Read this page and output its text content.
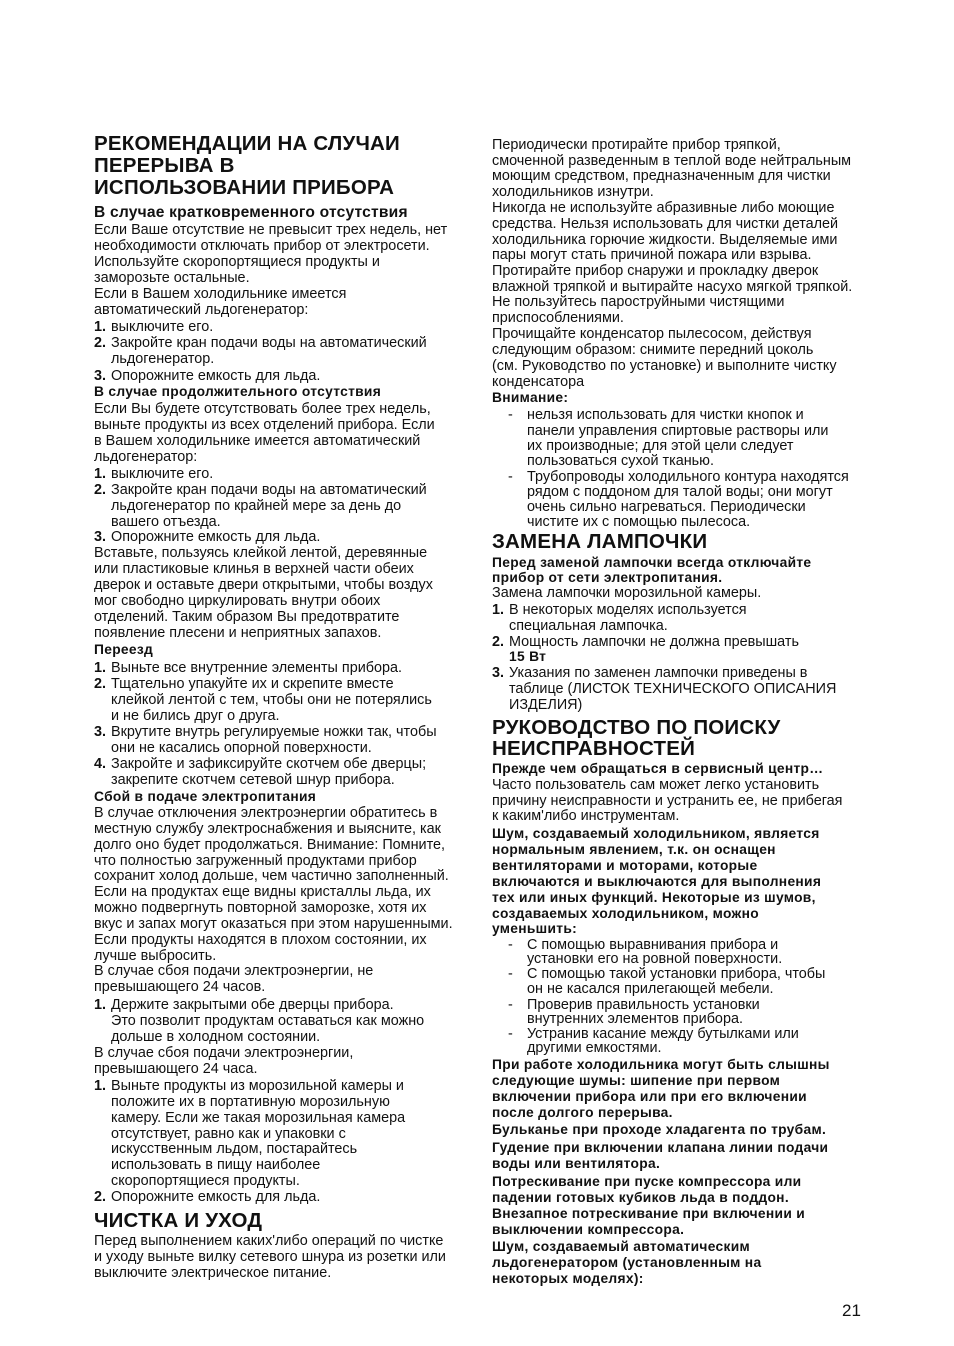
РЕКОМЕНДАЦИИ НА СЛУЧАИ
ПЕРЕРЫВА В
ИСПОЛЬЗОВАНИИ ПРИБОРА
В случае кратковременного отсутствия
Если Ваше отсутствие не превысит трех недель, нет
необходимости отключать прибор от электросети.
Используйте скоропортящиеся продукты и
заморозьте остальные.
Если в Вашем холодильнике имеется
автоматический льдогенератор:
1. выключите его.
2. Закройте кран подачи воды на автоматический
льдогенератор.
3. Опорожните емкость для льда.
В случае продолжительного отсутствия
Если Вы будете отсутствовать более трех недель,
выньте продукты из всех отделений прибора. Если
в Вашем холодильнике имеется автоматический
льдогенератор:
1. выключите его.
2. Закройте кран подачи воды на автоматический
льдогенератор по крайней мере за день до
вашего отъезда.
3. Опорожните емкость для льда.
Вставьте, пользуясь клейкой лентой, деревянные
или пластиковые клинья в верхней части обеих
дверок и оставьте двери открытыми, чтобы воздух
мог свободно циркулировать внутри обоих
отделений. Таким образом Вы предотвратите
появление плесени и неприятных запахов.
Переезд
1. Выньте все внутренние элементы прибора.
2. Тщательно упакуйте их и скрепите вместе
клейкой лентой с тем, чтобы они не потерялись
и не бились друг о друга.
3. Вкрутите внутрь регулируемые ножки так, чтобы
они не касались опорной поверхности.
4. Закройте и зафиксируйте скотчем обе дверцы;
закрепите скотчем сетевой шнур прибора.
Сбой в подаче электропитания
В случае отключения электроэнергии обратитесь в
местную службу электроснабжения и выясните, как
долго оно будет продолжаться. Внимание: Помните,
что полностью загруженный продуктами прибор
сохранит холод дольше, чем частично заполненный.
Если на продуктах еще видны кристаллы льда, их
можно подвергнуть повторной заморозке, хотя их
вкус и запах могут оказаться при этом нарушенными.
Если продукты находятся в плохом состоянии, их
лучше выбросить.
В случае сбоя подачи электроэнергии, не
превышающего 24 часов.
1. Держите закрытыми обе дверцы прибора.
Это позволит продуктам оставаться как можно
дольше в холодном состоянии.
В случае сбоя подачи электроэнергии,
превышающего 24 часа.
1. Выньте продукты из морозильной камеры и
положите их в портативную морозильную
камеру. Если же такая морозильная камера
отсутствует, равно как и упаковки с
искусственным льдом, постарайтесь
использовать в пищу наиболее
скоропортящиеся продукты.
2. Опорожните емкость для льда.
ЧИСТКА И УХОД
Перед выполнением каких'либо операций по чистке
и уходу выньте вилку сетевого шнура из розетки или
выключите электрическое питание.
Периодически протирайте прибор тряпкой,
смоченной разведенным в теплой воде нейтральным
моющим средством, предназначенным для чистки
холодильников изнутри.
Никогда не используйте абразивные либо моющие
средства. Нельзя использовать для чистки деталей
холодильника горючие жидкости. Выделяемые ими
пары могут стать причиной пожара или взрыва.
Протирайте прибор снаружи и прокладку дверок
влажной тряпкой и вытирайте насухо мягкой тряпкой.
Не пользуйтесь пароструйными чистящими
приспособлениями.
Прочищайте конденсатор пылесосом, действуя
следующим образом: снимите передний цоколь
(см. Руководство по установке) и выполните чистку
конденсатора
Внимание:
- нельзя использовать для чистки кнопок и
панели управления спиртовые растворы или
их производные; для этой цели следует
пользоваться сухой тканью.
- Трубопроводы холодильного контура находятся
рядом с поддоном для талой воды; они могут
очень сильно нагреваться. Периодически
чистите их с помощью пылесоса.
ЗАМЕНА ЛАМПОЧКИ
Перед заменой лампочки всегда отключайте
прибор от сети электропитания.
Замена лампочки морозильной камеры.
1. В некоторых моделях используется
специальная лампочка.
2. Мощность лампочки не должна превышать
15 Вт
3. Указания по заменен лампочки приведены в
таблице (ЛИСТОК ТЕХНИЧЕСКОГО ОПИСАНИЯ
ИЗДЕЛИЯ)
РУКОВОДСТВО ПО ПОИСКУ
НЕИСПРАВНОСТЕЙ
Прежде чем обращаться в сервисный центр…
Часто пользователь сам может легко установить
причину неисправности и устранить ее, не прибегая
к каким'либо инструментам.
Шум, создаваемый холодильником, является
нормальным явлением, т.к. он оснащен
вентиляторами и моторами, которые
включаются и выключаются для выполнения
тех или иных функций. Некоторые из шумов,
создаваемых холодильником, можно
уменьшить:
- С помощью выравнивания прибора и
установки его на ровной поверхности.
- С помощью такой установки прибора, чтобы
он не касался прилегающей мебели.
- Проверив правильность установки
внутренних элементов прибора.
- Устранив касание между бутылками или
другими емкостями.
При работе холодильника могут быть слышны
следующие шумы: шипение при первом
включении прибора или при его включении
после долгого перерыва.
Бульканье при проходе хладагента по трубам.
Гудение при включении клапана линии подачи
воды или вентилятора.
Потрескивание при пуске компрессора или
падении готовых кубиков льда в поддон.
Внезапное потрескивание при включении и
выключении компрессора.
Шум, создаваемый автоматическим
льдогенератором (установленным на
некоторых моделях):
21
